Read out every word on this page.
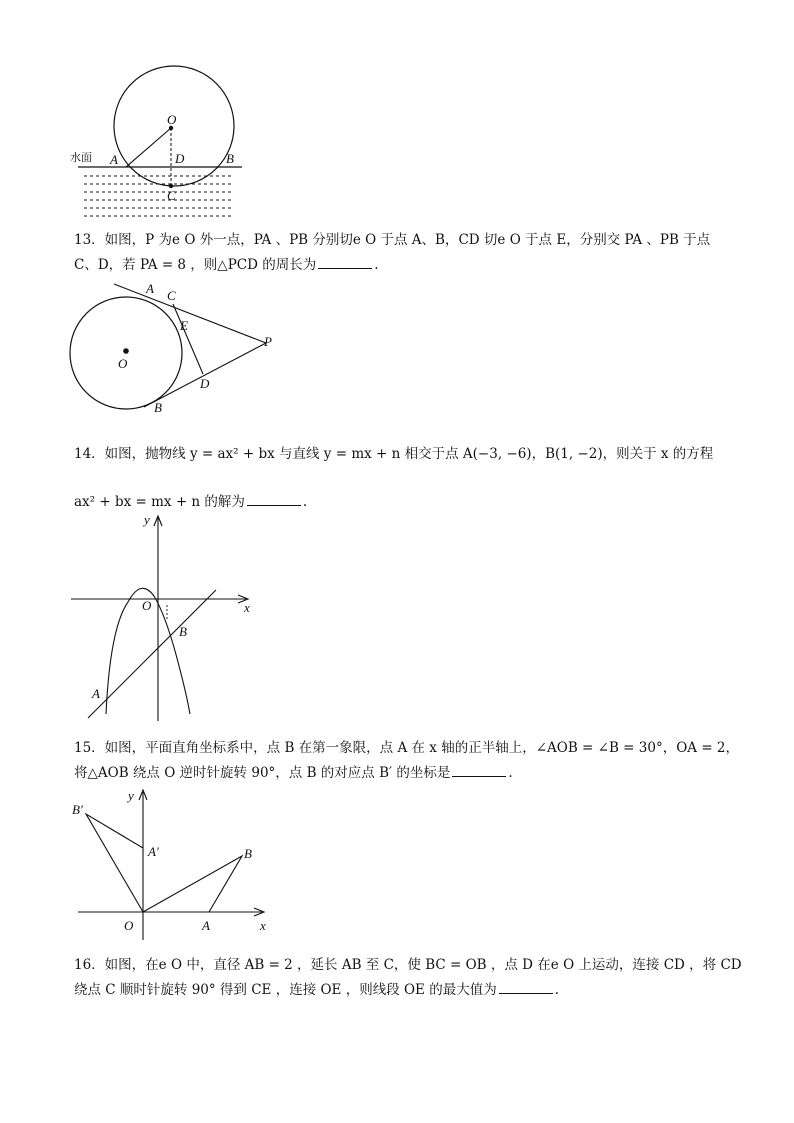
水面
O
A	D	B
C

13．如图，P 为e O 外一点，PA 、PB 分别切e O 于点 A、B，CD 切e O 于点 E，分别交 PA 、PB 于点

C、D，若 PA = 8 ，则△PCD 的周长为	.

A C
E
P
O
D
B

14．如图，抛物线 y = ax² + bx 与直线 y = mx + n 相交于点 A(−3, −6)，B(1, −2)，则关于 x 的方程

ax² + bx = mx + n 的解为	.

y
x
O
B
A

15．如图，平面直角坐标系中，点 B 在第一象限，点 A 在 x 轴的正半轴上，∠AOB = ∠B = 30°，OA = 2，

将△AOB 绕点 O 逆时针旋转 90°，点 B 的对应点 B′ 的坐标是	.

B′
y
A′	B
O	A	x

16．如图，在e O 中，直径 AB = 2 ，延长 AB 至 C，使 BC = OB ，点 D 在e O 上运动，连接 CD ，将 CD

绕点 C 顺时针旋转 90° 得到 CE ，连接 OE ，则线段 OE 的最大值为	.
